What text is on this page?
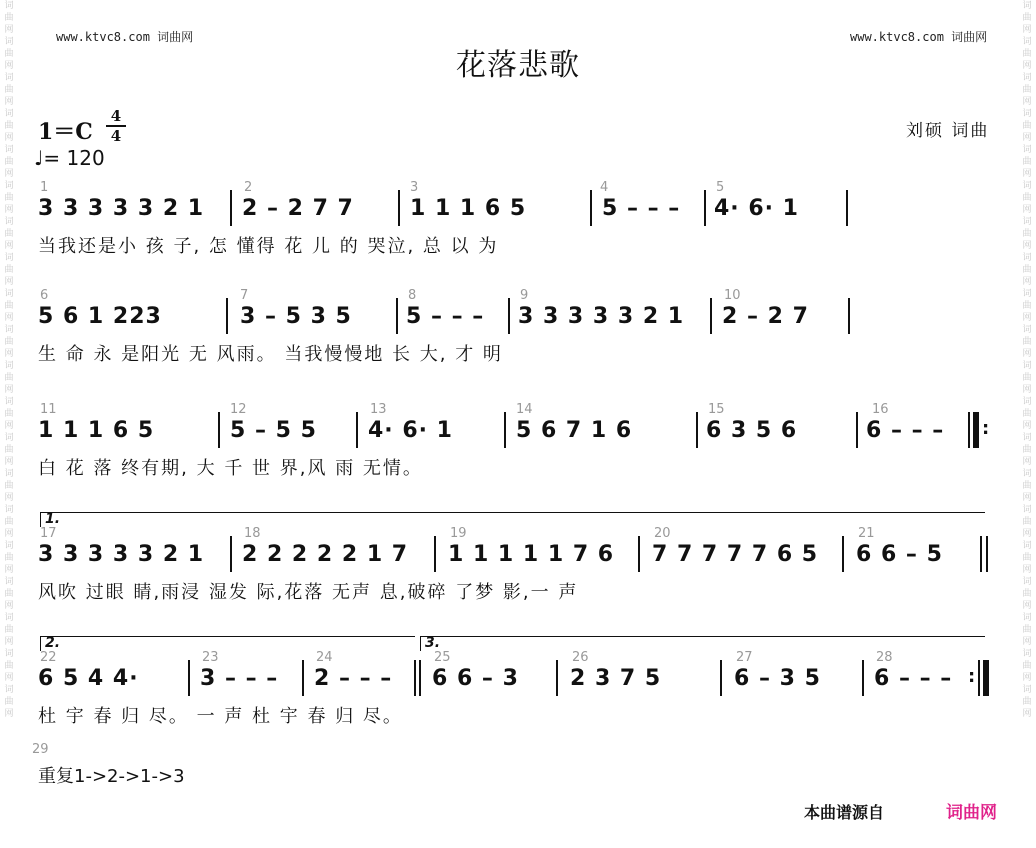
词曲网词曲网词曲网词曲网词曲网词曲网词曲网词曲网词曲网词曲网词曲网词曲网词曲网词曲网词曲网词曲网词曲网词曲网词曲网词曲网
词曲网词曲网词曲网词曲网词曲网词曲网词曲网词曲网词曲网词曲网词曲网词曲网词曲网词曲网词曲网词曲网词曲网词曲网词曲网词曲网
www.ktvc8.com 词曲网	www.ktvc8.com 词曲网
花落悲歌
1＝C
4
4
♩= 120
刘硕 词曲
1
3 3 3 3 3 2 1
2
2 – 2 7 7
3
1 1 1 6 5
4
5 – – –
5
4· 6· 1
当我还是小 孩 子, 怎 懂得 花 儿 的 哭泣, 总 以 为
6
5 6 1 223
7
3 – 5 3 5
8
5 – – –
9
3 3 3 3 3 2 1
10
2 – 2 7
生 命 永 是阳光 无 风雨。 当我慢慢地 长 大, 才 明
11
1 1 1 6 5
12
5 – 5 5
13
4· 6· 1
14
5 6 7 1 6
15
6 3 5 6
16
6 – – – :
白 花 落 终有期, 大 千 世 界,风 雨 无情。
1.
17
3 3 3 3 3 2 1
18
2 2 2 2 2 1 7
19
1 1 1 1 1 7 6
20
7 7 7 7 7 6 5
21
6 6 – 5
风吹 过眼 睛,雨浸 湿发 际,花落 无声 息,破碎 了梦 影,一 声
2.	3.
22
6 5 4 4·
23
3 – – –
24
2 – – –
25
6 6 – 3
26
2 3 7 5
27
6 – 3 5
28
6 – – – :
杜 宇 春 归 尽。 一 声 杜 宇 春 归 尽。
29
重复1->2->1->3
本曲谱源自	词曲网
